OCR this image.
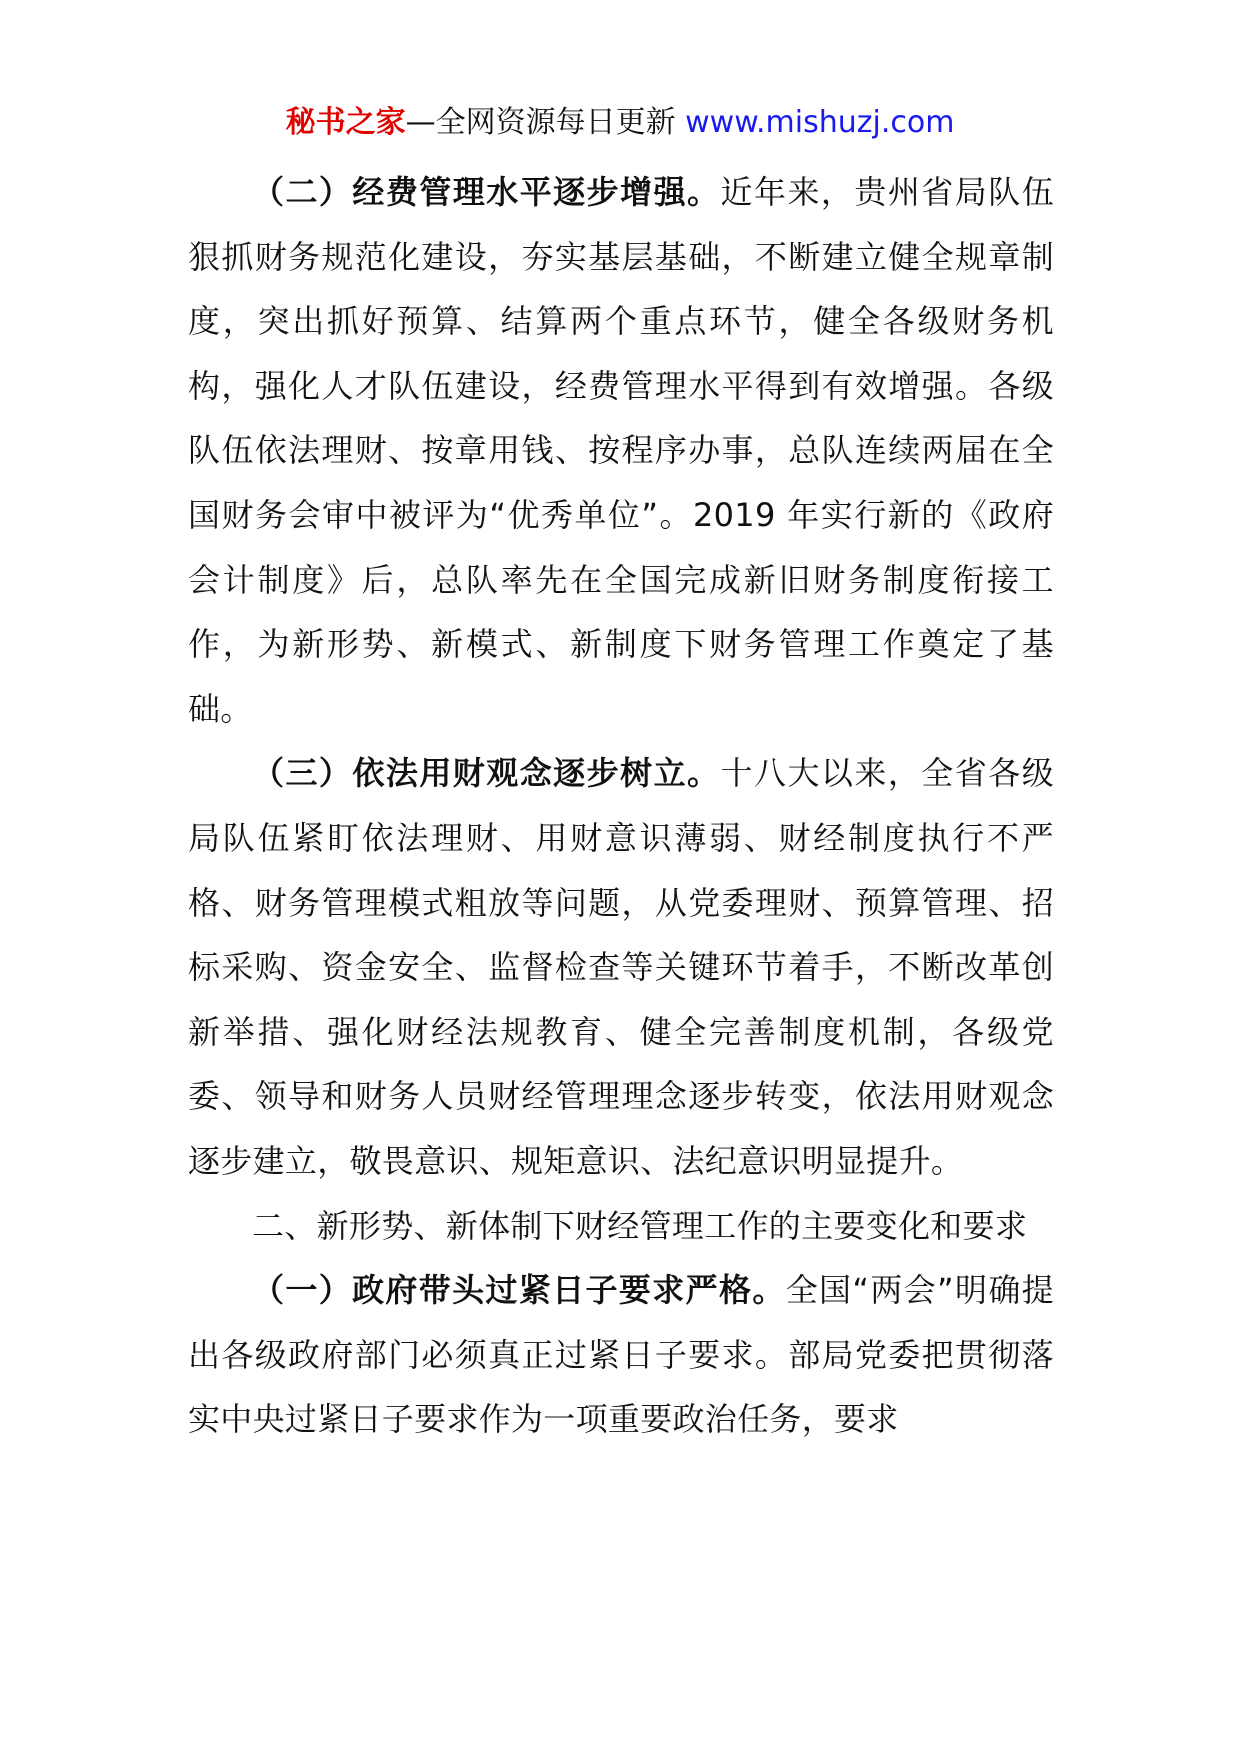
秘书之家—全网资源每日更新 www.mishuzj.com

（二）经费管理水平逐步增强。近年来，贵州省局队伍狠抓财务规范化建设，夯实基层基础，不断建立健全规章制度，突出抓好预算、结算两个重点环节，健全各级财务机构，强化人才队伍建设，经费管理水平得到有效增强。各级队伍依法理财、按章用钱、按程序办事，总队连续两届在全国财务会审中被评为“优秀单位”。2019 年实行新的《政府会计制度》后，总队率先在全国完成新旧财务制度衔接工作，为新形势、新模式、新制度下财务管理工作奠定了基础。

（三）依法用财观念逐步树立。十八大以来，全省各级局队伍紧盯依法理财、用财意识薄弱、财经制度执行不严格、财务管理模式粗放等问题，从党委理财、预算管理、招标采购、资金安全、监督检查等关键环节着手，不断改革创新举措、强化财经法规教育、健全完善制度机制，各级党委、领导和财务人员财经管理理念逐步转变，依法用财观念逐步建立，敬畏意识、规矩意识、法纪意识明显提升。

二、新形势、新体制下财经管理工作的主要变化和要求

（一）政府带头过紧日子要求严格。全国“两会”明确提出各级政府部门必须真正过紧日子要求。部局党委把贯彻落实中央过紧日子要求作为一项重要政治任务，要求
